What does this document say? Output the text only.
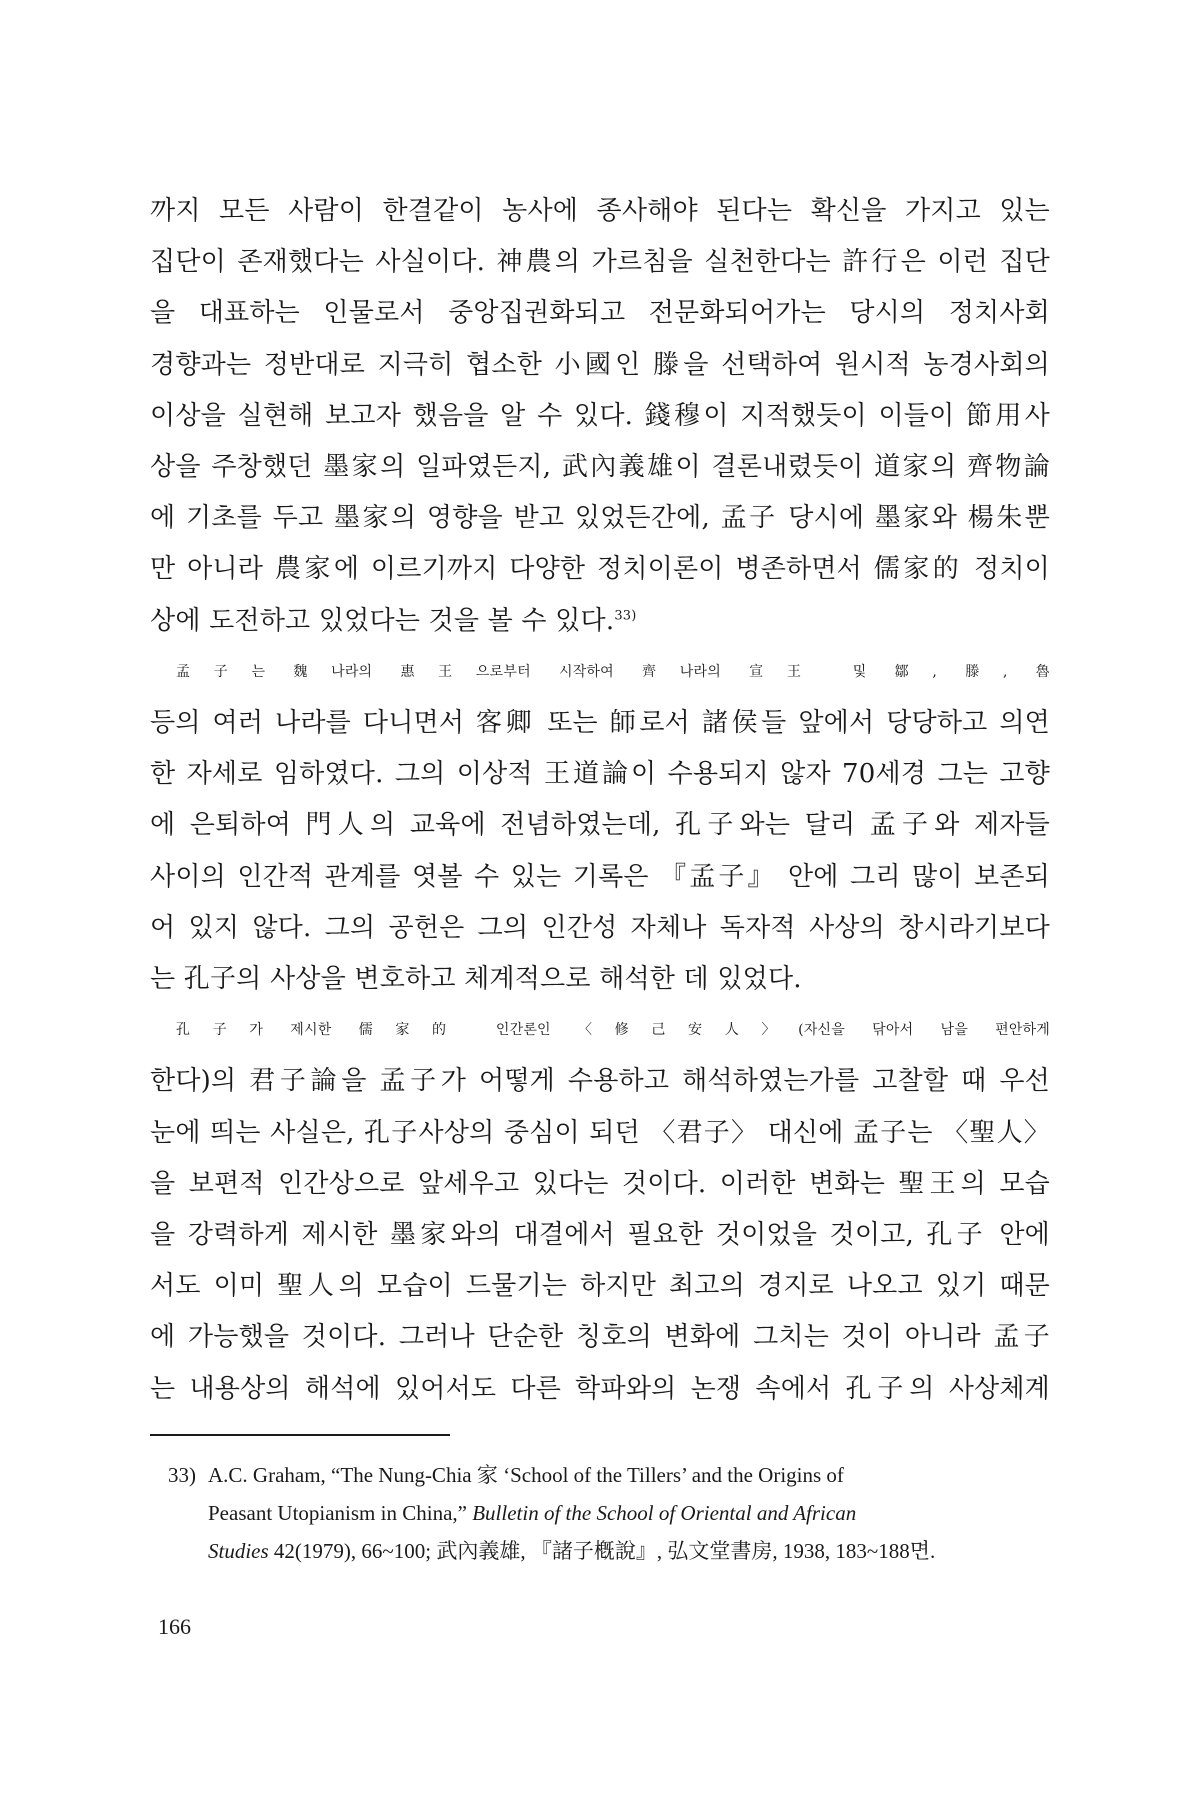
까지 모든 사람이 한결같이 농사에 종사해야 된다는 확신을 가지고 있는
집단이 존재했다는 사실이다. 神農의 가르침을 실천한다는 許行은 이런 집단
을 대표하는 인물로서 중앙집권화되고 전문화되어가는 당시의 정치사회
경향과는 정반대로 지극히 협소한 小國인 滕을 선택하여 원시적 농경사회의
이상을 실현해 보고자 했음을 알 수 있다. 錢穆이 지적했듯이 이들이 節用사
상을 주창했던 墨家의 일파였든지, 武內義雄이 결론내렸듯이 道家의 齊物論
에 기초를 두고 墨家의 영향을 받고 있었든간에, 孟子 당시에 墨家와 楊朱뿐
만 아니라 農家에 이르기까지 다양한 정치이론이 병존하면서 儒家的 정치이
상에 도전하고 있었다는 것을 볼 수 있다.$^{33)}$

孟子는 魏나라의 惠王으로부터 시작하여 齊나라의 宣王 및 鄒, 滕, 魯
등의 여러 나라를 다니면서 客卿 또는 師로서 諸侯들 앞에서 당당하고 의연
한 자세로 임하였다. 그의 이상적 王道論이 수용되지 않자 70세경 그는 고향
에 은퇴하여 門人의 교육에 전념하였는데, 孔子와는 달리 孟子와 제자들
사이의 인간적 관계를 엿볼 수 있는 기록은 『孟子』 안에 그리 많이 보존되
어 있지 않다. 그의 공헌은 그의 인간성 자체나 독자적 사상의 창시라기보다
는 孔子의 사상을 변호하고 체계적으로 해석한 데 있었다.

孔子가 제시한 儒家的 인간론인 〈修己安人〉(자신을 닦아서 남을 편안하게
한다)의 君子論을 孟子가 어떻게 수용하고 해석하였는가를 고찰할 때 우선
눈에 띄는 사실은, 孔子사상의 중심이 되던 〈君子〉 대신에 孟子는 〈聖人〉
을 보편적 인간상으로 앞세우고 있다는 것이다. 이러한 변화는 聖王의 모습
을 강력하게 제시한 墨家와의 대결에서 필요한 것이었을 것이고, 孔子 안에
서도 이미 聖人의 모습이 드물기는 하지만 최고의 경지로 나오고 있기 때문
에 가능했을 것이다. 그러나 단순한 칭호의 변화에 그치는 것이 아니라 孟子
는 내용상의 해석에 있어서도 다른 학파와의 논쟁 속에서 孔子의 사상체계

33) A.C. Graham, “The Nung-Chia 家 ‘School of the Tillers’ and the Origins of
Peasant Utopianism in China,” Bulletin of the School of Oriental and African
Studies 42(1979), 66~100; 武內義雄, 『諸子槪說』, 弘文堂書房, 1938, 183~188면.
166
